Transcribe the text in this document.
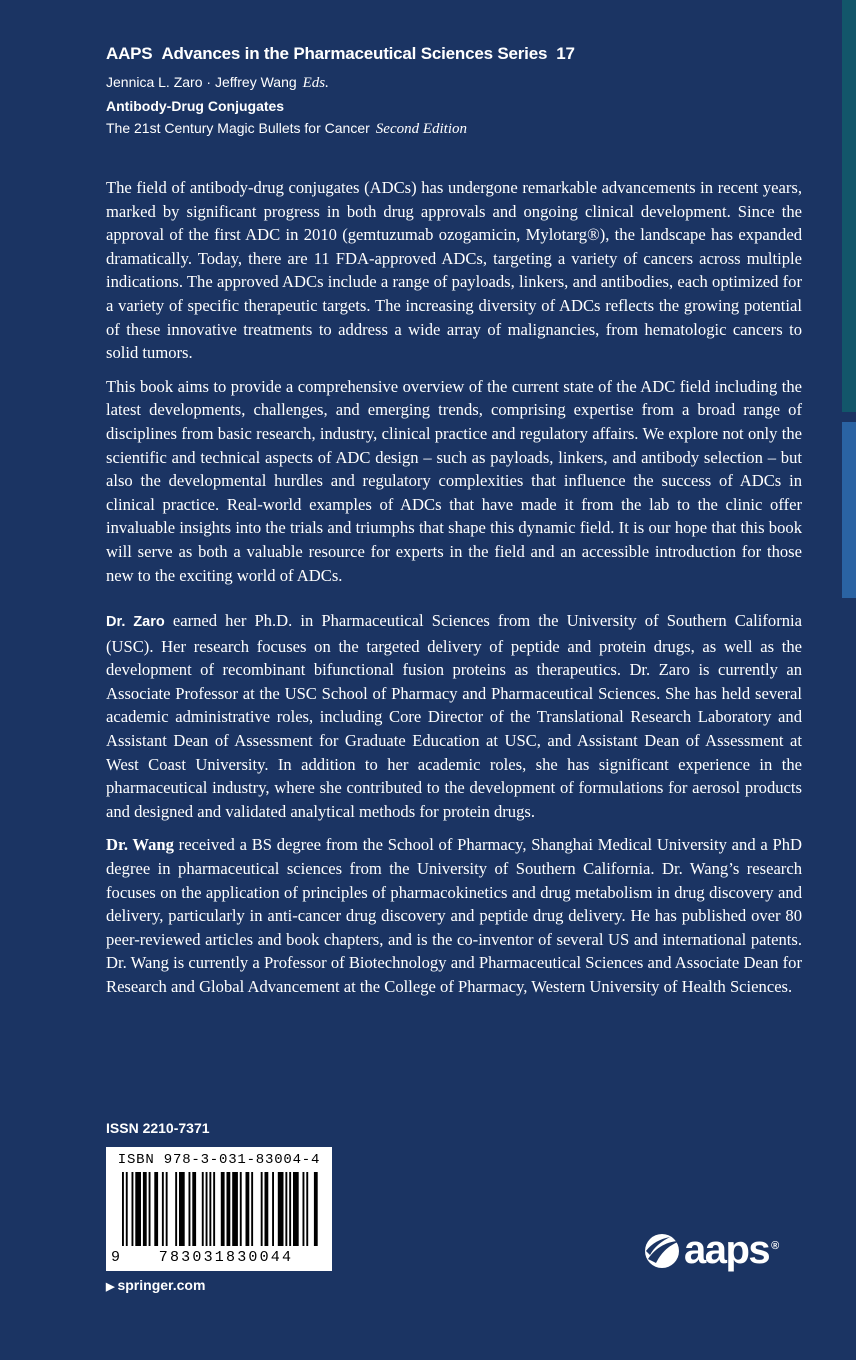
AAPS Advances in the Pharmaceutical Sciences Series 17
Jennica L. Zaro · Jeffrey Wang Eds.
Antibody-Drug Conjugates
The 21st Century Magic Bullets for Cancer Second Edition

The field of antibody-drug conjugates (ADCs) has undergone remarkable advancements in recent years, marked by significant progress in both drug approvals and ongoing clinical development. Since the approval of the first ADC in 2010 (gemtuzumab ozogamicin, Mylotarg®), the landscape has expanded dramatically. Today, there are 11 FDA-approved ADCs, targeting a variety of cancers across multiple indications. The approved ADCs include a range of payloads, linkers, and antibodies, each optimized for a variety of specific therapeutic targets. The increasing diversity of ADCs reflects the growing potential of these innovative treatments to address a wide array of malignancies, from hematologic cancers to solid tumors.

This book aims to provide a comprehensive overview of the current state of the ADC field including the latest developments, challenges, and emerging trends, comprising expertise from a broad range of disciplines from basic research, industry, clinical practice and regulatory affairs. We explore not only the scientific and technical aspects of ADC design – such as payloads, linkers, and antibody selection – but also the developmental hurdles and regulatory complexities that influence the success of ADCs in clinical practice. Real-world examples of ADCs that have made it from the lab to the clinic offer invaluable insights into the trials and triumphs that shape this dynamic field. It is our hope that this book will serve as both a valuable resource for experts in the field and an accessible introduction for those new to the exciting world of ADCs.

Dr. Zaro earned her Ph.D. in Pharmaceutical Sciences from the University of Southern California (USC). Her research focuses on the targeted delivery of peptide and protein drugs, as well as the development of recombinant bifunctional fusion proteins as therapeutics. Dr. Zaro is currently an Associate Professor at the USC School of Pharmacy and Pharmaceutical Sciences. She has held several academic administrative roles, including Core Director of the Translational Research Laboratory and Assistant Dean of Assessment for Graduate Education at USC, and Assistant Dean of Assessment at West Coast University. In addition to her academic roles, she has significant experience in the pharmaceutical industry, where she contributed to the development of formulations for aerosol products and designed and validated analytical methods for protein drugs.

Dr. Wang received a BS degree from the School of Pharmacy, Shanghai Medical University and a PhD degree in pharmaceutical sciences from the University of Southern California. Dr. Wang’s research focuses on the application of principles of pharmacokinetics and drug metabolism in drug discovery and delivery, particularly in anti-cancer drug discovery and peptide drug delivery. He has published over 80 peer-reviewed articles and book chapters, and is the co-inventor of several US and international patents. Dr. Wang is currently a Professor of Biotechnology and Pharmaceutical Sciences and Associate Dean for Research and Global Advancement at the College of Pharmacy, Western University of Health Sciences.

ISSN 2210-7371
ISBN 978-3-031-83004-4
9	783031830044
▶ springer.com
aaps ®
